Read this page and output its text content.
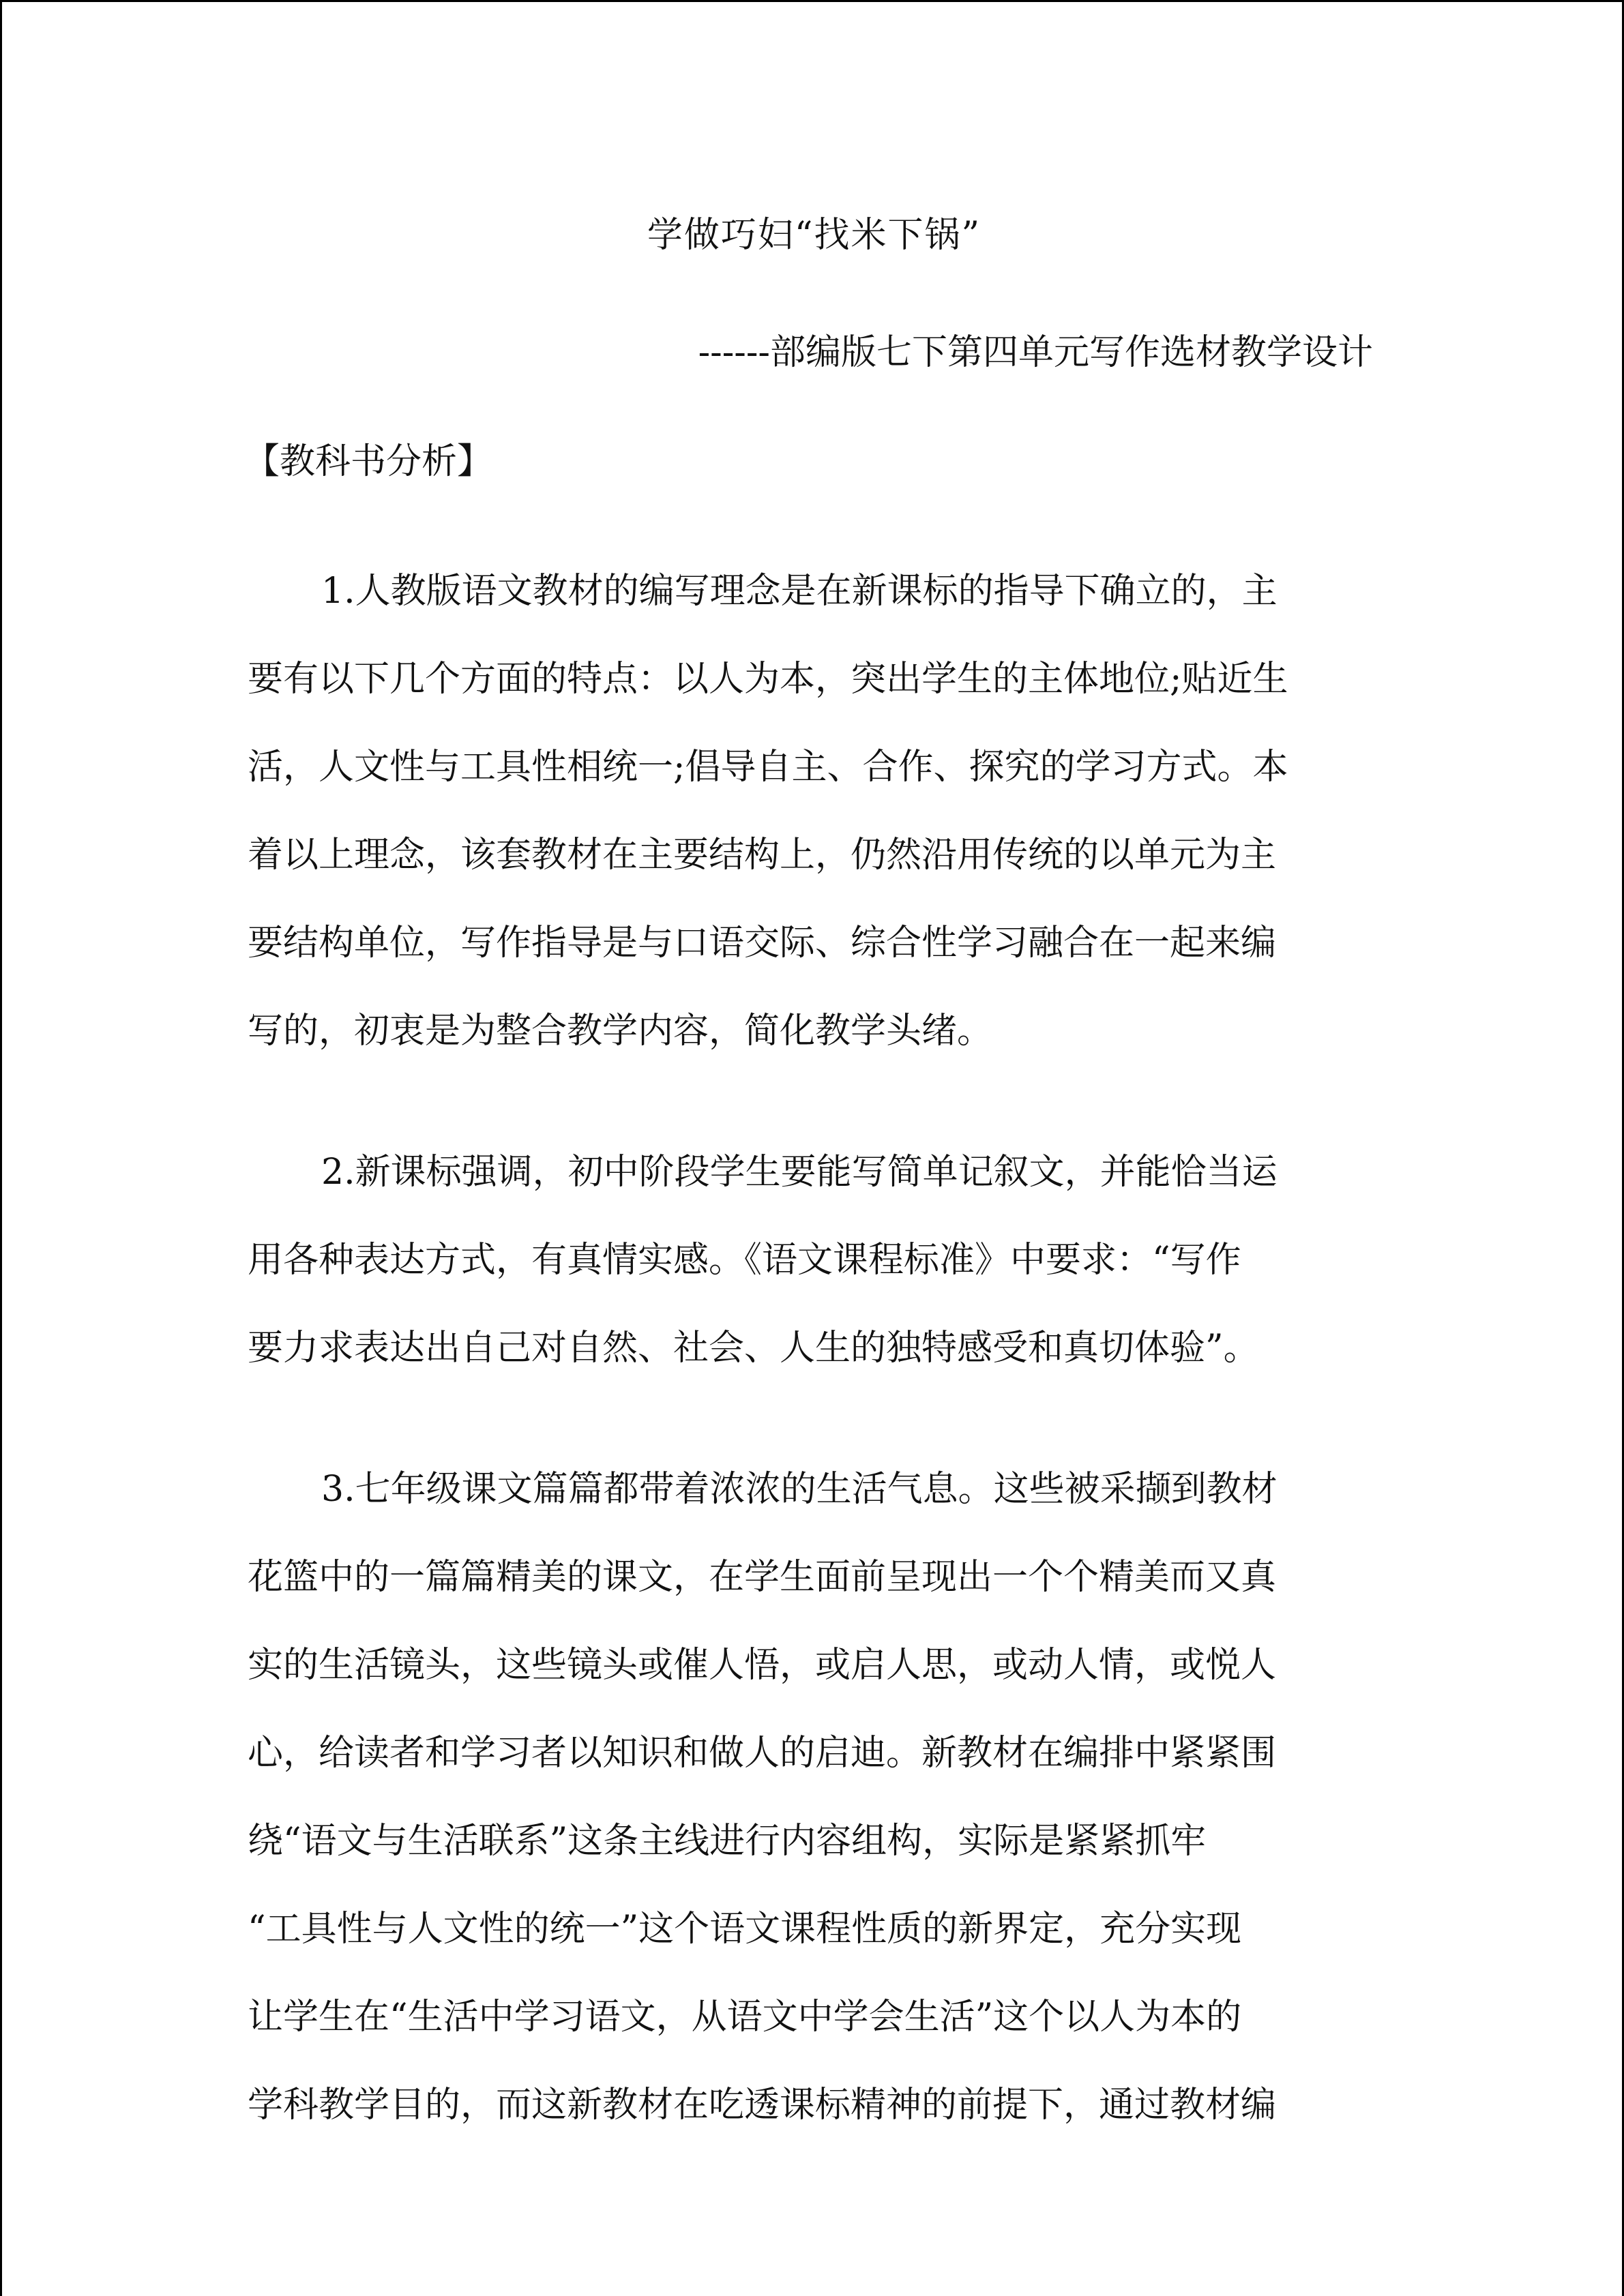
学做巧妇“找米下锅”

------部编版七下第四单元写作选材教学设计

【教科书分析】
1.人教版语文教材的编写理念是在新课标的指导下确立的，主
要有以下几个方面的特点：以人为本，突出学生的主体地位;贴近生
活，人文性与工具性相统一;倡导自主、合作、探究的学习方式。本
着以上理念，该套教材在主要结构上，仍然沿用传统的以单元为主
要结构单位，写作指导是与口语交际、综合性学习融合在一起来编
写的，初衷是为整合教学内容，简化教学头绪。
2.新课标强调，初中阶段学生要能写简单记叙文，并能恰当运
用各种表达方式，有真情实感。《语文课程标准》中要求：“写作
要力求表达出自己对自然、社会、人生的独特感受和真切体验”。
3.七年级课文篇篇都带着浓浓的生活气息。这些被采撷到教材
花篮中的一篇篇精美的课文，在学生面前呈现出一个个精美而又真
实的生活镜头，这些镜头或催人悟，或启人思，或动人情，或悦人
心，给读者和学习者以知识和做人的启迪。新教材在编排中紧紧围
绕“语文与生活联系”这条主线进行内容组构，实际是紧紧抓牢
“工具性与人文性的统一”这个语文课程性质的新界定，充分实现
让学生在“生活中学习语文，从语文中学会生活”这个以人为本的
学科教学目的，而这新教材在吃透课标精神的前提下，通过教材编
